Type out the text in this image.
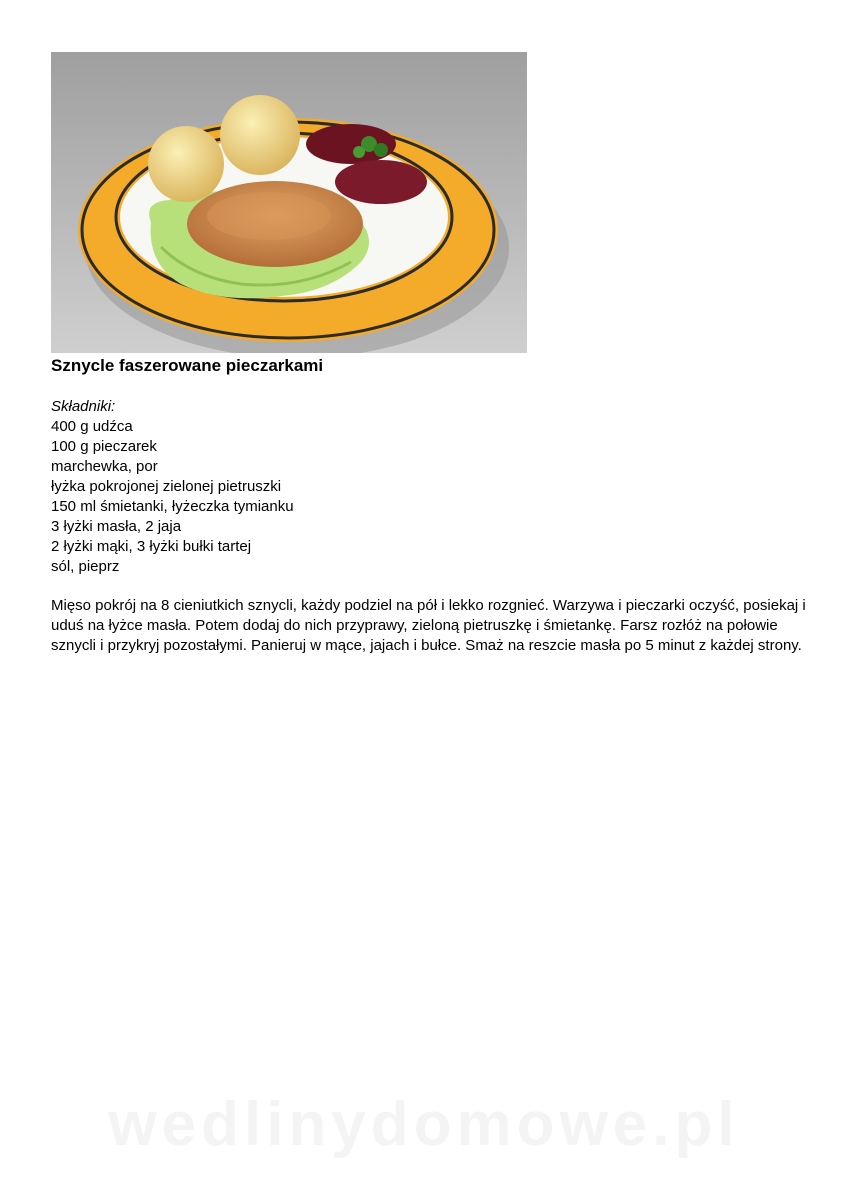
Sznycle faszerowane pieczarkami
Składniki:
400 g udźca
100 g pieczarek
marchewka, por
łyżka pokrojonej zielonej pietruszki
150 ml śmietanki, łyżeczka tymianku
3 łyżki masła, 2 jaja
2 łyżki mąki, 3 łyżki bułki tartej
sól, pieprz

Mięso pokrój na 8 cieniutkich sznycli, każdy podziel na pół i lekko rozgnieć. Warzywa i pieczarki oczyść, posiekaj i uduś na łyżce masła. Potem dodaj do nich przyprawy, zieloną pietruszkę i śmietankę. Farsz rozłóż na połowie sznycli i przykryj pozostałymi. Panieruj w mące, jajach i bułce. Smaż na reszcie masła po 5 minut z każdej strony.

wedlinydomowe.pl
